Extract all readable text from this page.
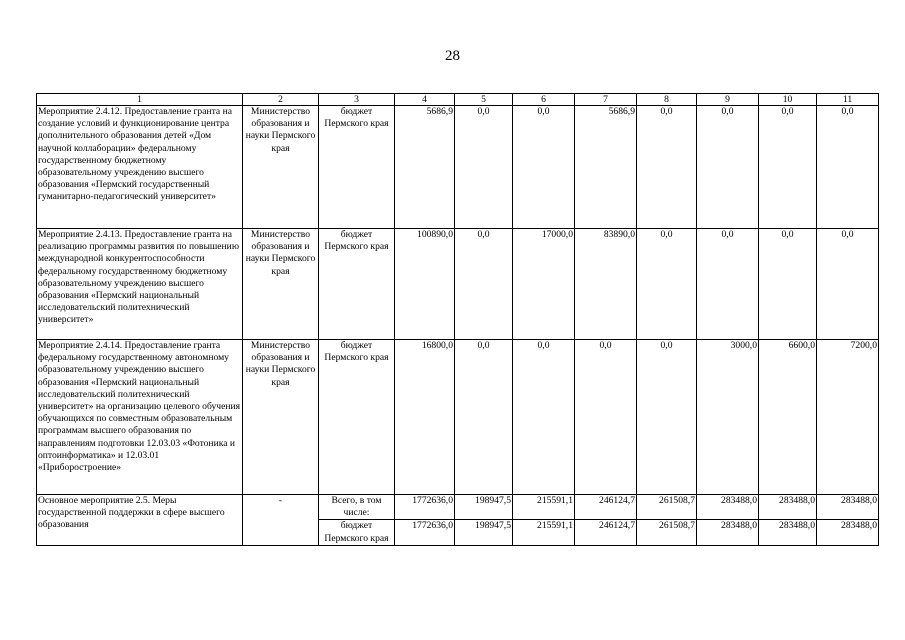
28
1	2	3	4	5	6	7	8	9	10	11
Мероприятие 2.4.12. Предоставление гранта на создание условий и функционирование центра дополнительного образования детей «Дом научной коллаборации» федеральному государственному бюджетному образовательному учреждению высшего образования «Пермский государственный гуманитарно-педагогический университет»	Министерство образования и науки Пермского края	бюджет Пермского края	5686,9	0,0	0,0	5686,9	0,0	0,0	0,0	0,0
Мероприятие 2.4.13. Предоставление гранта на реализацию программы развития по повышению международной конкурентоспособности федеральному государственному бюджетному образовательному учреждению высшего образования «Пермский национальный исследовательский политехнический университет»	Министерство образования и науки Пермского края	бюджет Пермского края	100890,0	0,0	17000,0	83890,0	0,0	0,0	0,0	0,0
Мероприятие 2.4.14. Предоставление гранта федеральному государственному автономному образовательному учреждению высшего образования «Пермский национальный исследовательский политехнический университет» на организацию целевого обучения обучающихся по совместным образовательным программам высшего образования по направлениям подготовки 12.03.03 «Фотоника и оптоинформатика» и 12.03.01 «Приборостроение»	Министерство образования и науки Пермского края	бюджет Пермского края	16800,0	0,0	0,0	0,0	0,0	3000,0	6600,0	7200,0
Основное мероприятие 2.5. Меры государственной поддержки в сфере высшего образования	-	Всего, в том числе:	1772636,0	198947,5	215591,1	246124,7	261508,7	283488,0	283488,0	283488,0
		бюджет Пермского края	1772636,0	198947,5	215591,1	246124,7	261508,7	283488,0	283488,0	283488,0
